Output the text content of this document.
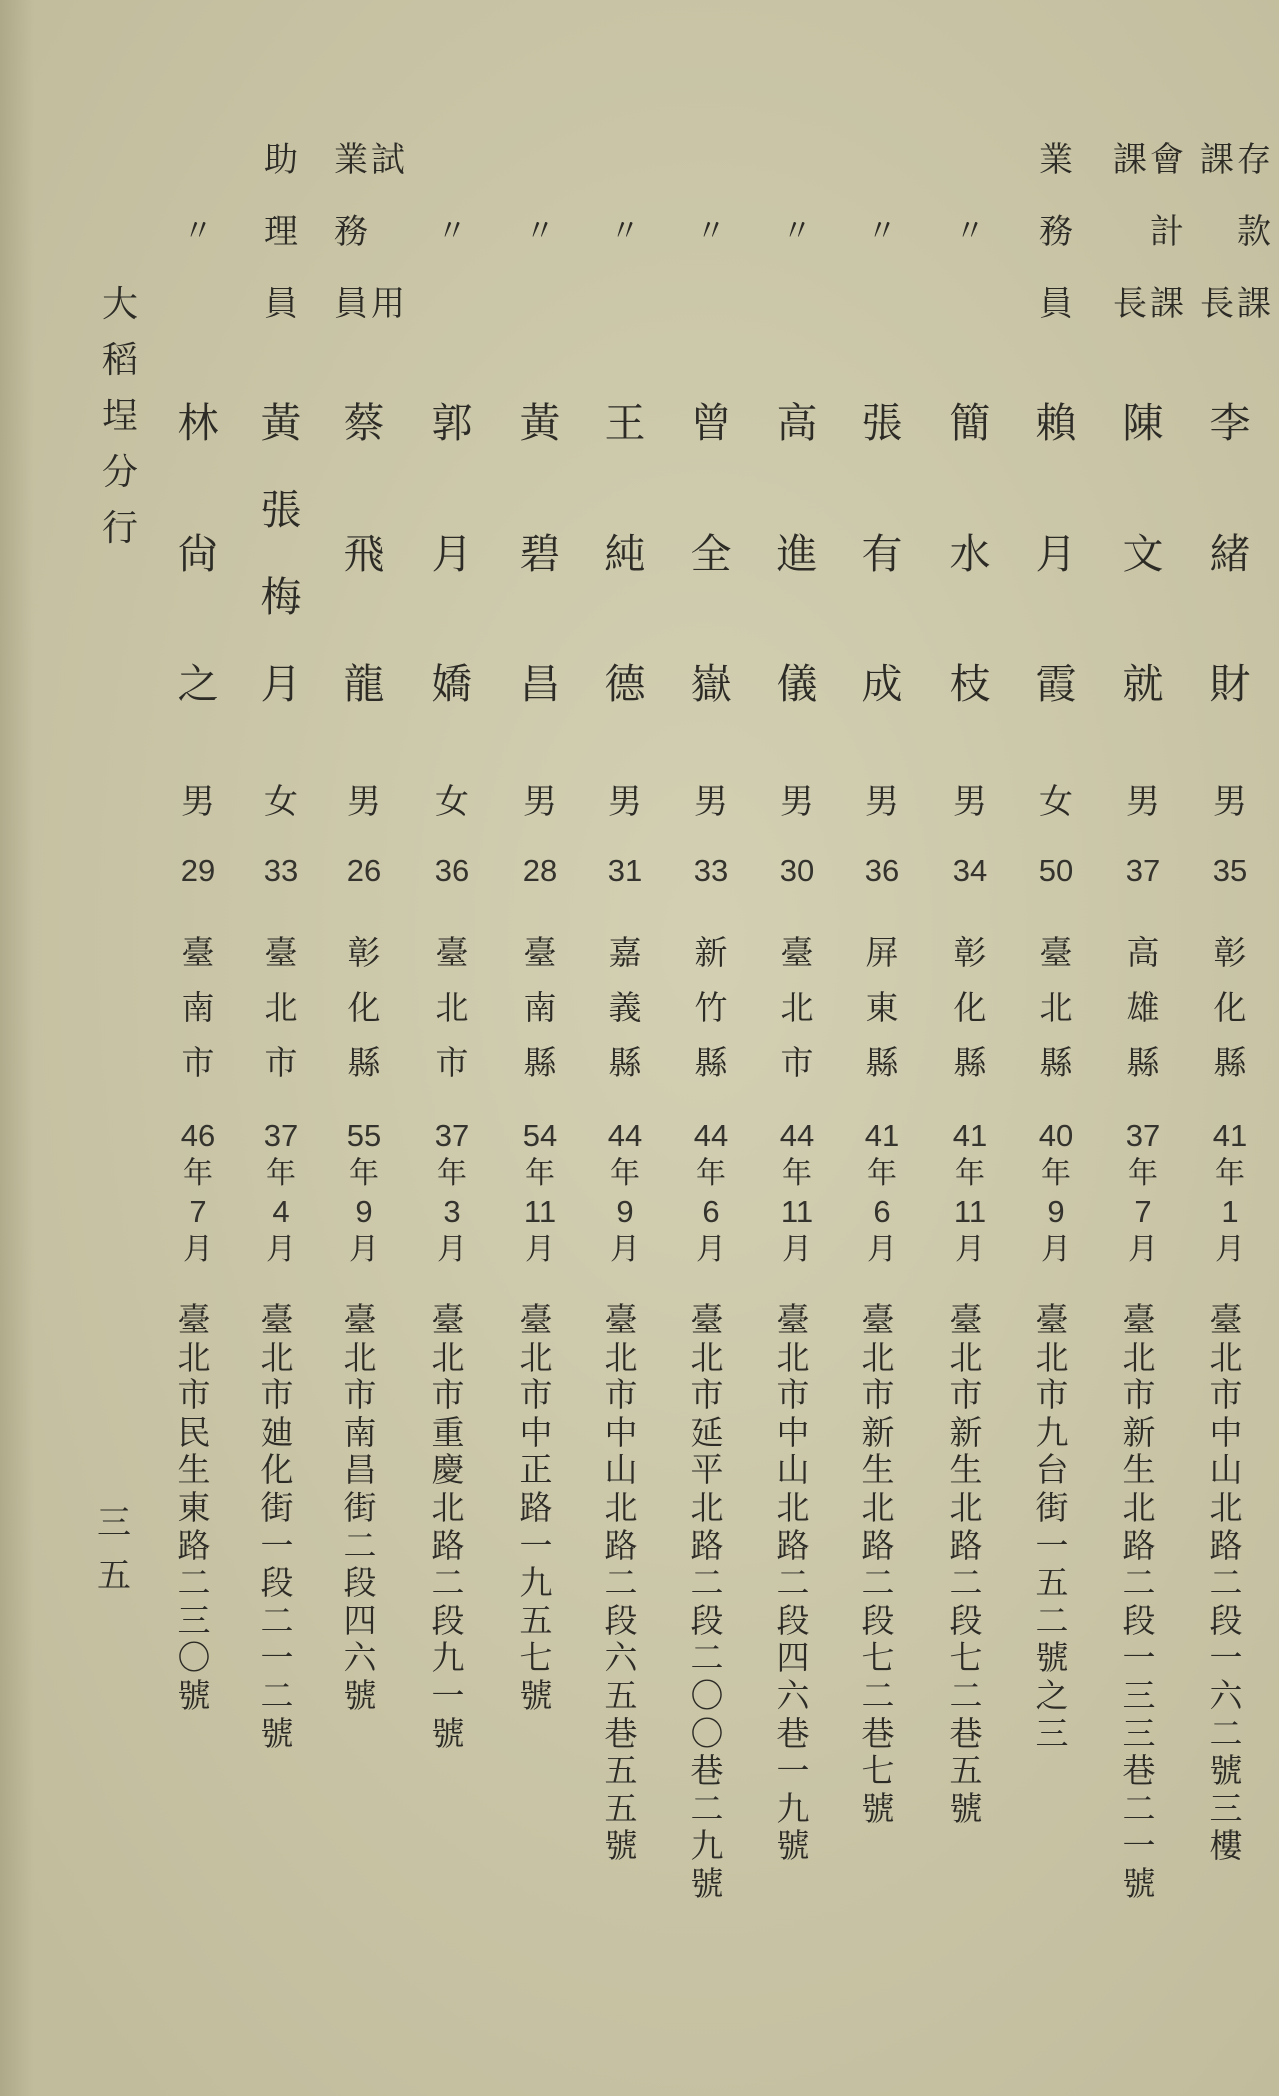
存
款
課
課
長
李
緒
財
男
35
彰
化
縣
41
年
1
月
臺
北
市
中
山
北
路
二
段
一
六
二
號
三
樓
會
計
課
課
長
陳
文
就
男
37
高
雄
縣
37
年
7
月
臺
北
市
新
生
北
路
二
段
一
三
三
巷
二
一
號
業
務
員
賴
月
霞
女
50
臺
北
縣
40
年
9
月
臺
北
市
九
台
街
一
五
二
號
之
三
〃
簡
水
枝
男
34
彰
化
縣
41
年
11
月
臺
北
市
新
生
北
路
二
段
七
二
巷
五
號
〃
張
有
成
男
36
屏
東
縣
41
年
6
月
臺
北
市
新
生
北
路
二
段
七
二
巷
七
號
〃
高
進
儀
男
30
臺
北
市
44
年
11
月
臺
北
市
中
山
北
路
二
段
四
六
巷
一
九
號
〃
曾
全
嶽
男
33
新
竹
縣
44
年
6
月
臺
北
市
延
平
北
路
二
段
二
〇
〇
巷
二
九
號
〃
王
純
德
男
31
嘉
義
縣
44
年
9
月
臺
北
市
中
山
北
路
二
段
六
五
巷
五
五
號
〃
黃
碧
昌
男
28
臺
南
縣
54
年
11
月
臺
北
市
中
正
路
一
九
五
七
號
〃
郭
月
嬌
女
36
臺
北
市
37
年
3
月
臺
北
市
重
慶
北
路
二
段
九
一
號
試
用
業
務
員
蔡
飛
龍
男
26
彰
化
縣
55
年
9
月
臺
北
市
南
昌
街
二
段
四
六
號
助
理
員
黃
張
梅
月
女
33
臺
北
市
37
年
4
月
臺
北
市
廸
化
街
一
段
二
一
二
號
〃
林
尙
之
男
29
臺
南
市
46
年
7
月
臺
北
市
民
生
東
路
二
三
〇
號
大
稻
埕
分
行
三
五
